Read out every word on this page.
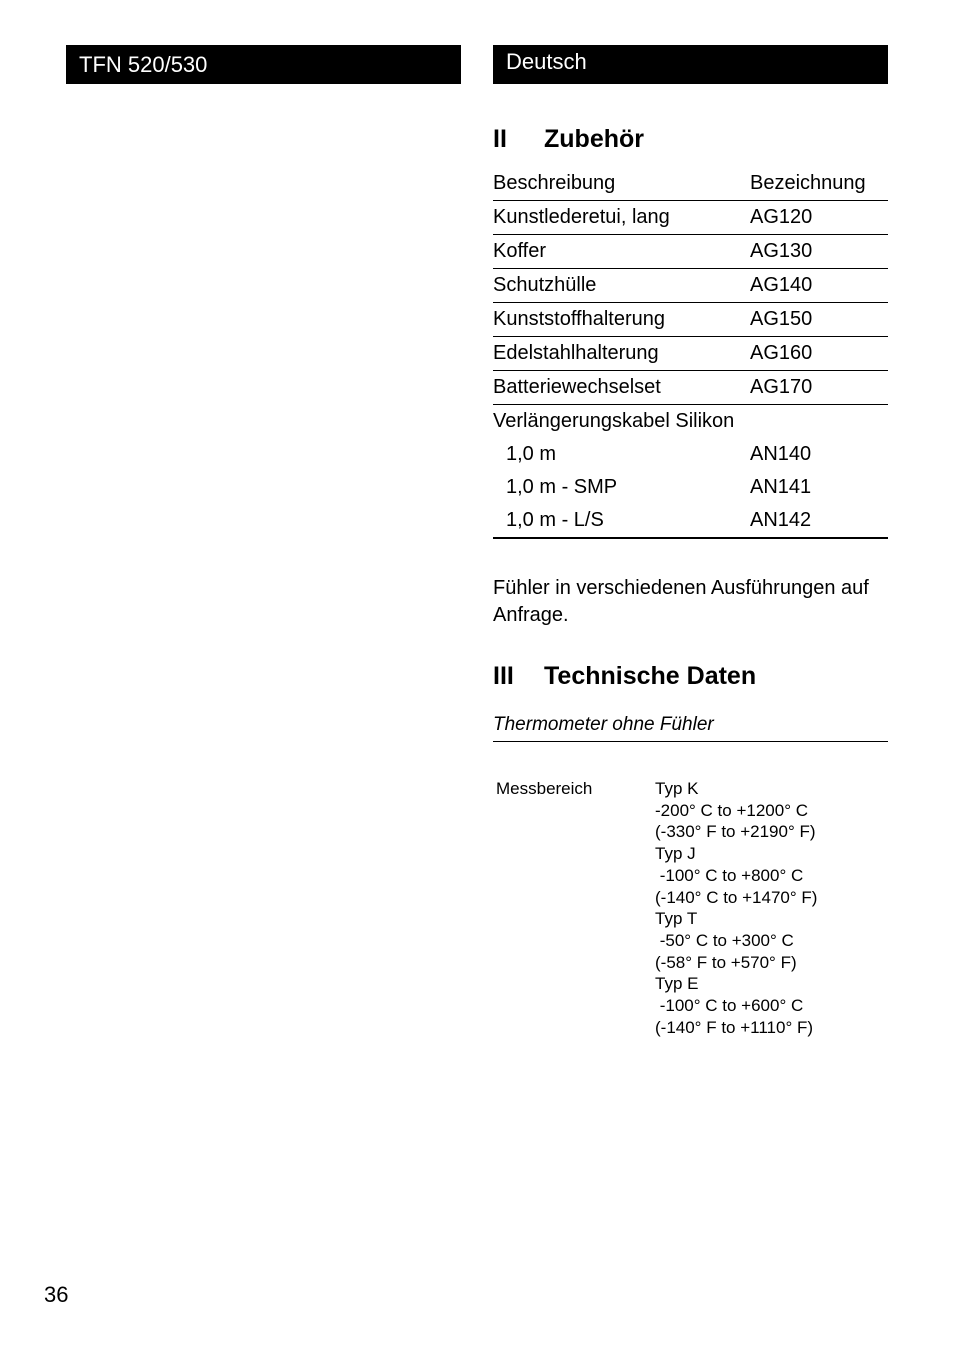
TFN 520/530	Deutsch
II Zubehör
Beschreibung	Bezeichnung
Kunstlederetui, lang	AG120
Koffer	AG130
Schutzhülle	AG140
Kunststoffhalterung	AG150
Edelstahlhalterung	AG160
Batteriewechselset	AG170
Verlängerungskabel Silikon	
1,0 m	AN140
1,0 m - SMP	AN141
1,0 m - L/S	AN142

Fühler in verschiedenen Ausführungen auf Anfrage.

III Technische Daten
Thermometer ohne Fühler
Messbereich	Typ K
-200° C to +1200° C
(-330° F to +2190° F)
Typ J
-100° C to +800° C
(-140° C to +1470° F)
Typ T
-50° C to +300° C
(-58° F to +570° F)
Typ E
-100° C to +600° C
(-140° F to +1110° F)
36
